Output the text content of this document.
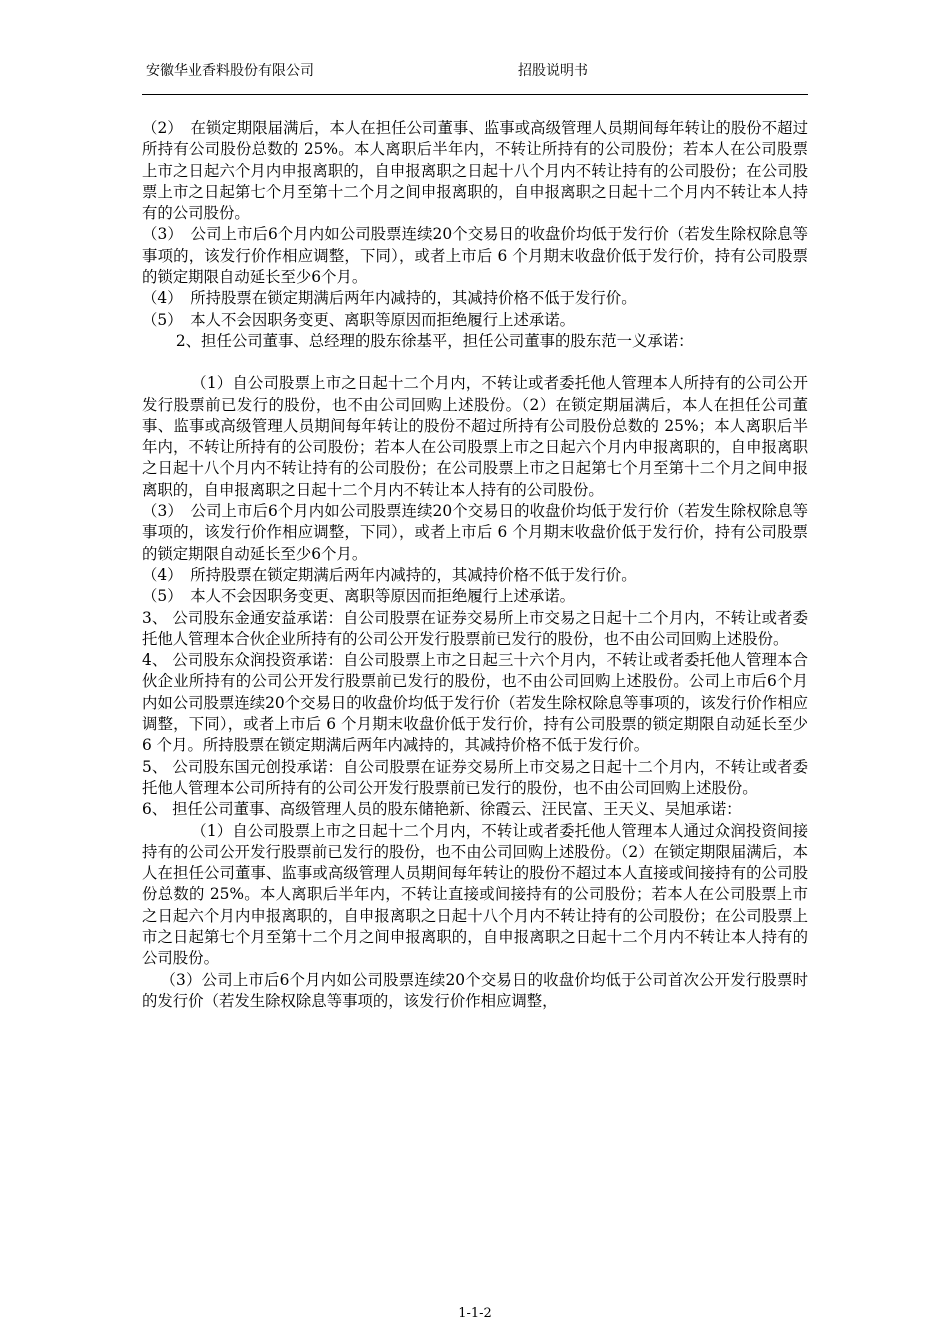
安徽华业香料股份有限公司	招股说明书

（2）　在锁定期限届满后，本人在担任公司董事、监事或高级管理人员期间每年转让的股份不超过所持有公司股份总数的 25%。本人离职后半年内，不转让所持有的公司股份；若本人在公司股票上市之日起六个月内申报离职的，自申报离职之日起十八个月内不转让持有的公司股份；在公司股票上市之日起第七个月至第十二个月之间申报离职的，自申报离职之日起十二个月内不转让本人持有的公司股份。

（3）　公司上市后6个月内如公司股票连续20个交易日的收盘价均低于发行价（若发生除权除息等事项的，该发行价作相应调整，下同），或者上市后 6 个月期末收盘价低于发行价，持有公司股票的锁定期限自动延长至少6个月。

（4）　所持股票在锁定期满后两年内减持的，其减持价格不低于发行价。

（5）　本人不会因职务变更、离职等原因而拒绝履行上述承诺。

2、担任公司董事、总经理的股东徐基平，担任公司董事的股东范一义承诺：

（1）自公司股票上市之日起十二个月内，不转让或者委托他人管理本人所持有的公司公开发行股票前已发行的股份，也不由公司回购上述股份。（2）在锁定期届满后，本人在担任公司董事、监事或高级管理人员期间每年转让的股份不超过所持有公司股份总数的 25%；本人离职后半年内，不转让所持有的公司股份；若本人在公司股票上市之日起六个月内申报离职的，自申报离职之日起十八个月内不转让持有的公司股份；在公司股票上市之日起第七个月至第十二个月之间申报离职的，自申报离职之日起十二个月内不转让本人持有的公司股份。

（3）　公司上市后6个月内如公司股票连续20个交易日的收盘价均低于发行价（若发生除权除息等事项的，该发行价作相应调整，下同），或者上市后 6 个月期末收盘价低于发行价，持有公司股票的锁定期限自动延长至少6个月。

（4）　所持股票在锁定期满后两年内减持的，其减持价格不低于发行价。

（5）　本人不会因职务变更、离职等原因而拒绝履行上述承诺。

3、 公司股东金通安益承诺：自公司股票在证券交易所上市交易之日起十二个月内，不转让或者委托他人管理本合伙企业所持有的公司公开发行股票前已发行的股份，也不由公司回购上述股份。

4、 公司股东众润投资承诺：自公司股票上市之日起三十六个月内，不转让或者委托他人管理本合伙企业所持有的公司公开发行股票前已发行的股份，也不由公司回购上述股份。公司上市后6个月内如公司股票连续20个交易日的收盘价均低于发行价（若发生除权除息等事项的，该发行价作相应调整，下同），或者上市后 6 个月期末收盘价低于发行价，持有公司股票的锁定期限自动延长至少 6 个月。所持股票在锁定期满后两年内减持的，其减持价格不低于发行价。

5、 公司股东国元创投承诺：自公司股票在证券交易所上市交易之日起十二个月内，不转让或者委托他人管理本公司所持有的公司公开发行股票前已发行的股份，也不由公司回购上述股份。

6、 担任公司董事、高级管理人员的股东储艳新、徐霞云、汪民富、王天义、吴旭承诺：

（1）自公司股票上市之日起十二个月内，不转让或者委托他人管理本人通过众润投资间接持有的公司公开发行股票前已发行的股份，也不由公司回购上述股份。（2）在锁定期限届满后，本人在担任公司董事、监事或高级管理人员期间每年转让的股份不超过本人直接或间接持有的公司股份总数的 25%。本人离职后半年内，不转让直接或间接持有的公司股份；若本人在公司股票上市之日起六个月内申报离职的，自申报离职之日起十八个月内不转让持有的公司股份；在公司股票上市之日起第七个月至第十二个月之间申报离职的，自申报离职之日起十二个月内不转让本人持有的公司股份。

（3）公司上市后6个月内如公司股票连续20个交易日的收盘价均低于公司首次公开发行股票时的发行价（若发生除权除息等事项的，该发行价作相应调整，

1-1-2
